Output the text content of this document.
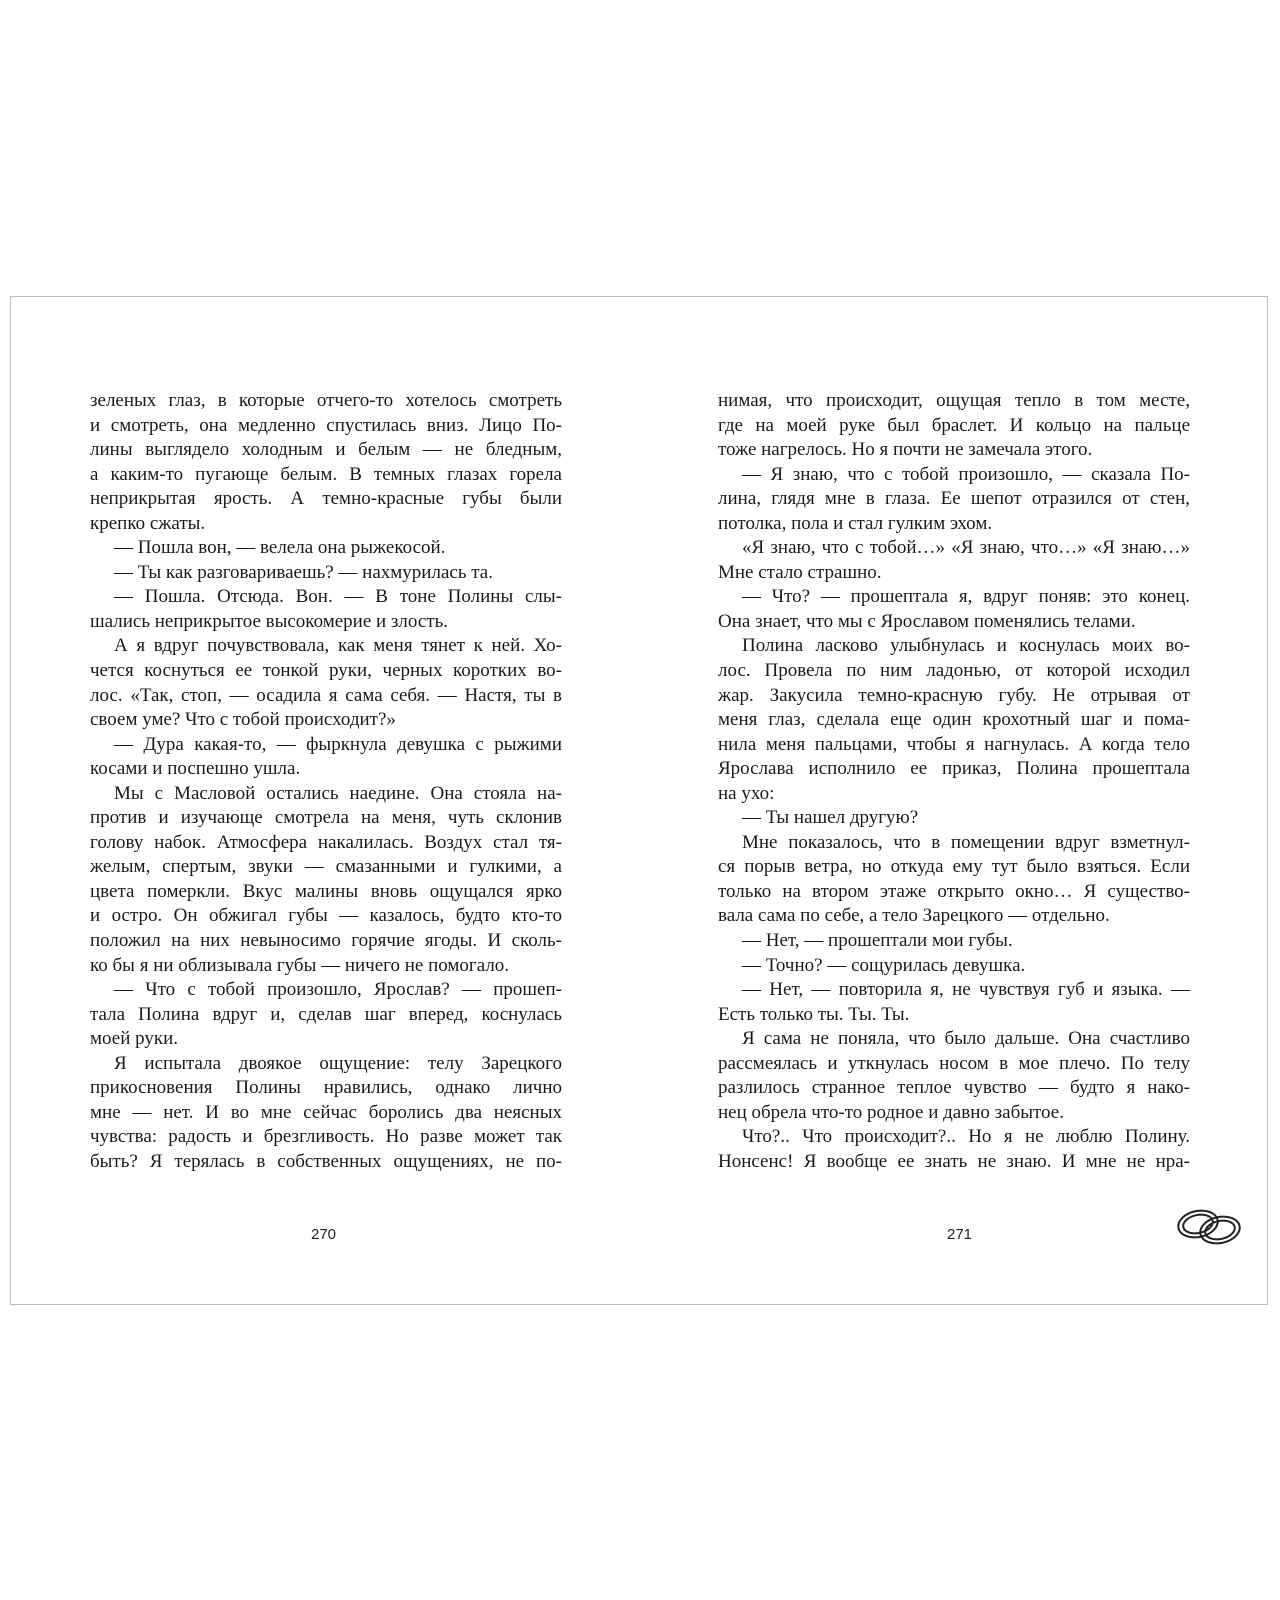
зеленых глаз, в которые отчего-то хотелось смотреть
и смотреть, она медленно спустилась вниз. Лицо По-
лины выглядело холодным и белым — не бледным,
а каким-то пугающе белым. В темных глазах горела
неприкрытая ярость. А темно-красные губы были
крепко сжаты.
— Пошла вон, — велела она рыжекосой.
— Ты как разговариваешь? — нахмурилась та.
— Пошла. Отсюда. Вон. — В тоне Полины слы-
шались неприкрытое высокомерие и злость.
А я вдруг почувствовала, как меня тянет к ней. Хо-
чется коснуться ее тонкой руки, черных коротких во-
лос. «Так, стоп, — осадила я сама себя. — Настя, ты в
своем уме? Что с тобой происходит?»
— Дура какая-то, — фыркнула девушка с рыжими
косами и поспешно ушла.
Мы с Масловой остались наедине. Она стояла на-
против и изучающе смотрела на меня, чуть склонив
голову набок. Атмосфера накалилась. Воздух стал тя-
желым, спертым, звуки — смазанными и гулкими, а
цвета померкли. Вкус малины вновь ощущался ярко
и остро. Он обжигал губы — казалось, будто кто-то
положил на них невыносимо горячие ягоды. И сколь-
ко бы я ни облизывала губы — ничего не помогало.
— Что с тобой произошло, Ярослав? — прошеп-
тала Полина вдруг и, сделав шаг вперед, коснулась
моей руки.
Я испытала двоякое ощущение: телу Зарецкого
прикосновения Полины нравились, однако лично
мне — нет. И во мне сейчас боролись два неясных
чувства: радость и брезгливость. Но разве может так
быть? Я терялась в собственных ощущениях, не по-
нимая, что происходит, ощущая тепло в том месте,
где на моей руке был браслет. И кольцо на пальце
тоже нагрелось. Но я почти не замечала этого.
— Я знаю, что с тобой произошло, — сказала По-
лина, глядя мне в глаза. Ее шепот отразился от стен,
потолка, пола и стал гулким эхом.
«Я знаю, что с тобой…» «Я знаю, что…» «Я знаю…»
Мне стало страшно.
— Что? — прошептала я, вдруг поняв: это конец.
Она знает, что мы с Ярославом поменялись телами.
Полина ласково улыбнулась и коснулась моих во-
лос. Провела по ним ладонью, от которой исходил
жар. Закусила темно-красную губу. Не отрывая от
меня глаз, сделала еще один крохотный шаг и пома-
нила меня пальцами, чтобы я нагнулась. А когда тело
Ярослава исполнило ее приказ, Полина прошептала
на ухо:
— Ты нашел другую?
Мне показалось, что в помещении вдруг взметнул-
ся порыв ветра, но откуда ему тут было взяться. Если
только на втором этаже открыто окно… Я существо-
вала сама по себе, а тело Зарецкого — отдельно.
— Нет, — прошептали мои губы.
— Точно? — сощурилась девушка.
— Нет, — повторила я, не чувствуя губ и языка. —
Есть только ты. Ты. Ты.
Я сама не поняла, что было дальше. Она счастливо
рассмеялась и уткнулась носом в мое плечо. По телу
разлилось странное теплое чувство — будто я нако-
нец обрела что-то родное и давно забытое.
Что?.. Что происходит?.. Но я не люблю Полину.
Нонсенс! Я вообще ее знать не знаю. И мне не нра-
270	271
